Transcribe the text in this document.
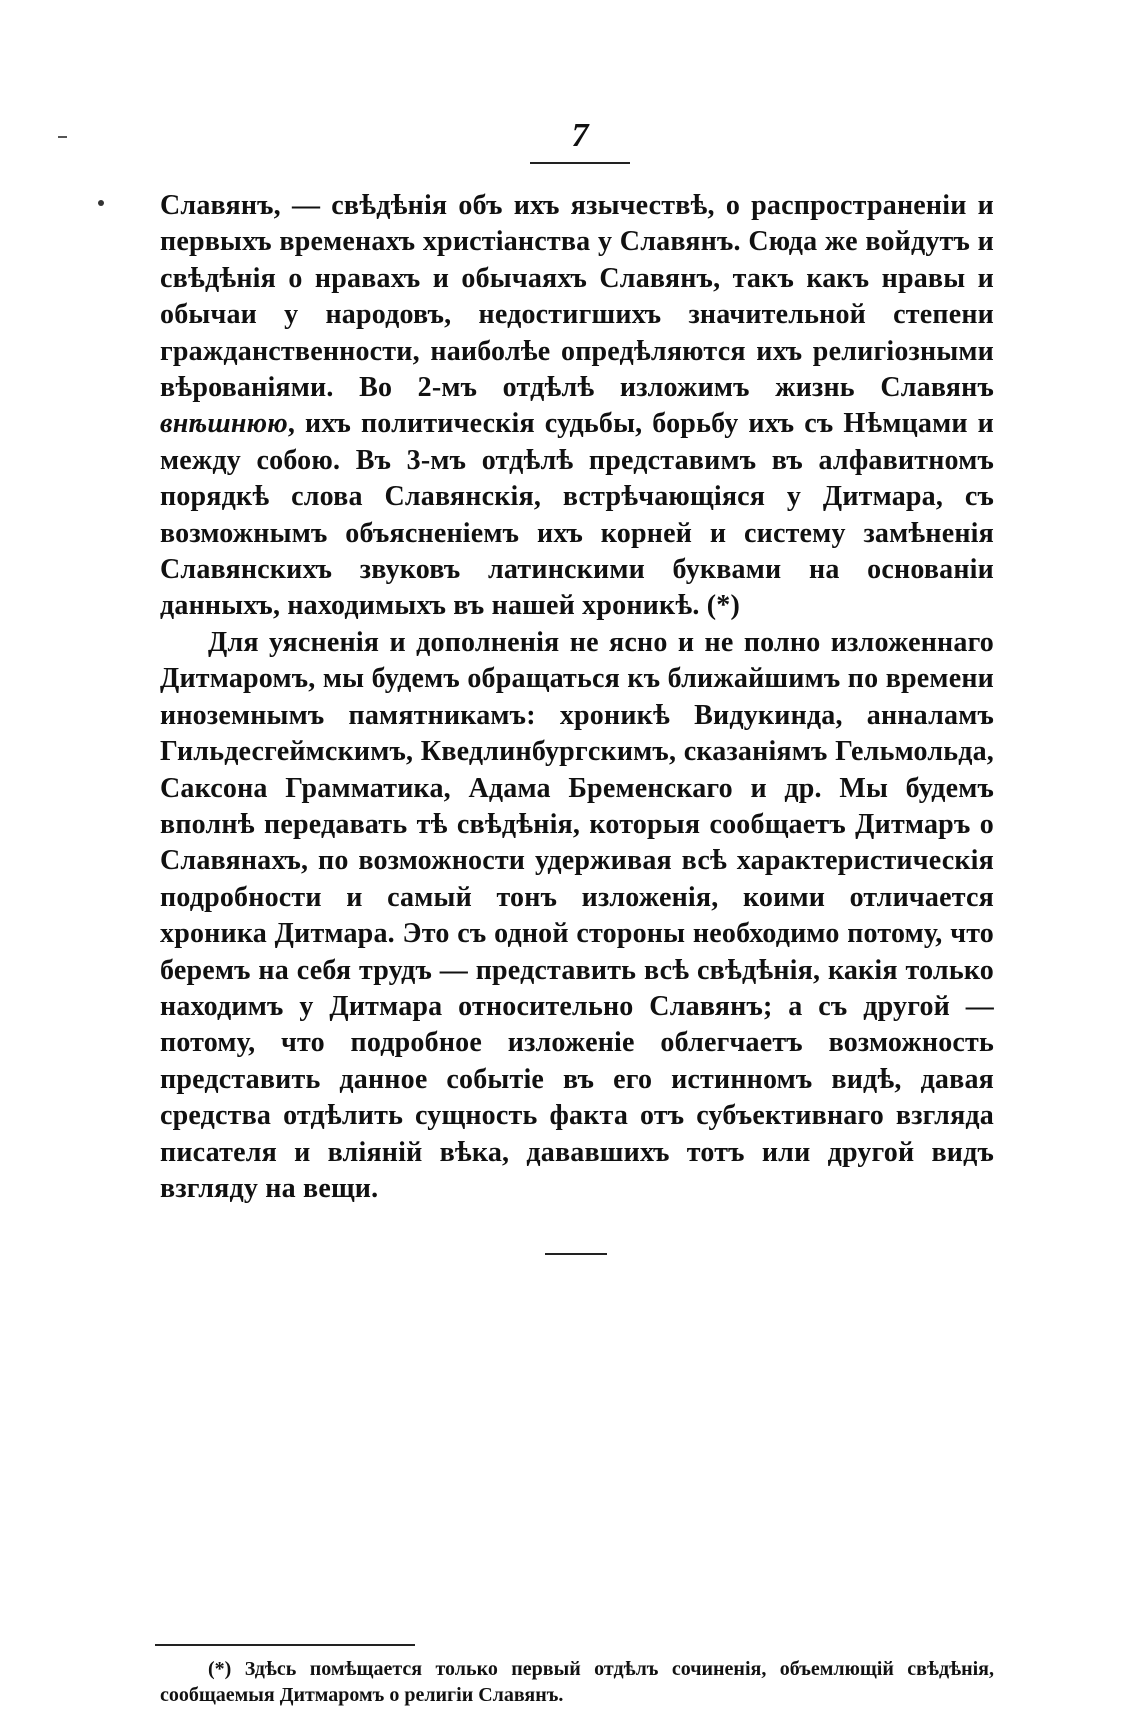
7

Славянъ, — свѣдѣнія объ ихъ язычествѣ, о распространеніи и первыхъ временахъ христіанства у Славянъ. Сюда же войдутъ и свѣдѣнія о нравахъ и обычаяхъ Славянъ, такъ какъ нравы и обычаи у народовъ, недостигшихъ значительной степени гражданственности, наиболѣе опредѣляются ихъ религіозными вѣрованіями. Во 2-мъ отдѣлѣ изложимъ жизнь Славянъ внѣшнюю, ихъ политическія судьбы, борьбу ихъ съ Нѣмцами и между собою. Въ 3-мъ отдѣлѣ представимъ въ алфавитномъ порядкѣ слова Славянскія, встрѣчающіяся у Дитмара, съ возможнымъ объясненіемъ ихъ корней и систему замѣненія Славянскихъ звуковъ латинскими буквами на основаніи данныхъ, находимыхъ въ нашей хроникѣ. (*)

Для уясненія и дополненія не ясно и не полно изложеннаго Дитмаромъ, мы будемъ обращаться къ ближайшимъ по времени иноземнымъ памятникамъ: хроникѣ Видукинда, анналамъ Гильдесгеймскимъ, Кведлинбургскимъ, сказаніямъ Гельмольда, Саксона Грамматика, Адама Бременскаго и др. Мы будемъ вполнѣ передавать тѣ свѣдѣнія, которыя сообщаетъ Дитмаръ о Славянахъ, по возможности удерживая всѣ характеристическія подробности и самый тонъ изложенія, коими отличается хроника Дитмара. Это съ одной стороны необходимо потому, что беремъ на себя трудъ — представить всѣ свѣдѣнія, какія только находимъ у Дитмара относительно Славянъ; а съ другой — потому, что подробное изложеніе облегчаетъ возможность представить данное событіе въ его истинномъ видѣ, давая средства отдѣлить сущность факта отъ субъективнаго взгляда писателя и вліяній вѣка, дававшихъ тотъ или другой видъ взгляду на вещи.

(*) Здѣсь помѣщается только первый отдѣлъ сочиненія, объемлющій свѣдѣнія, сообщаемыя Дитмаромъ о религіи Славянъ.
